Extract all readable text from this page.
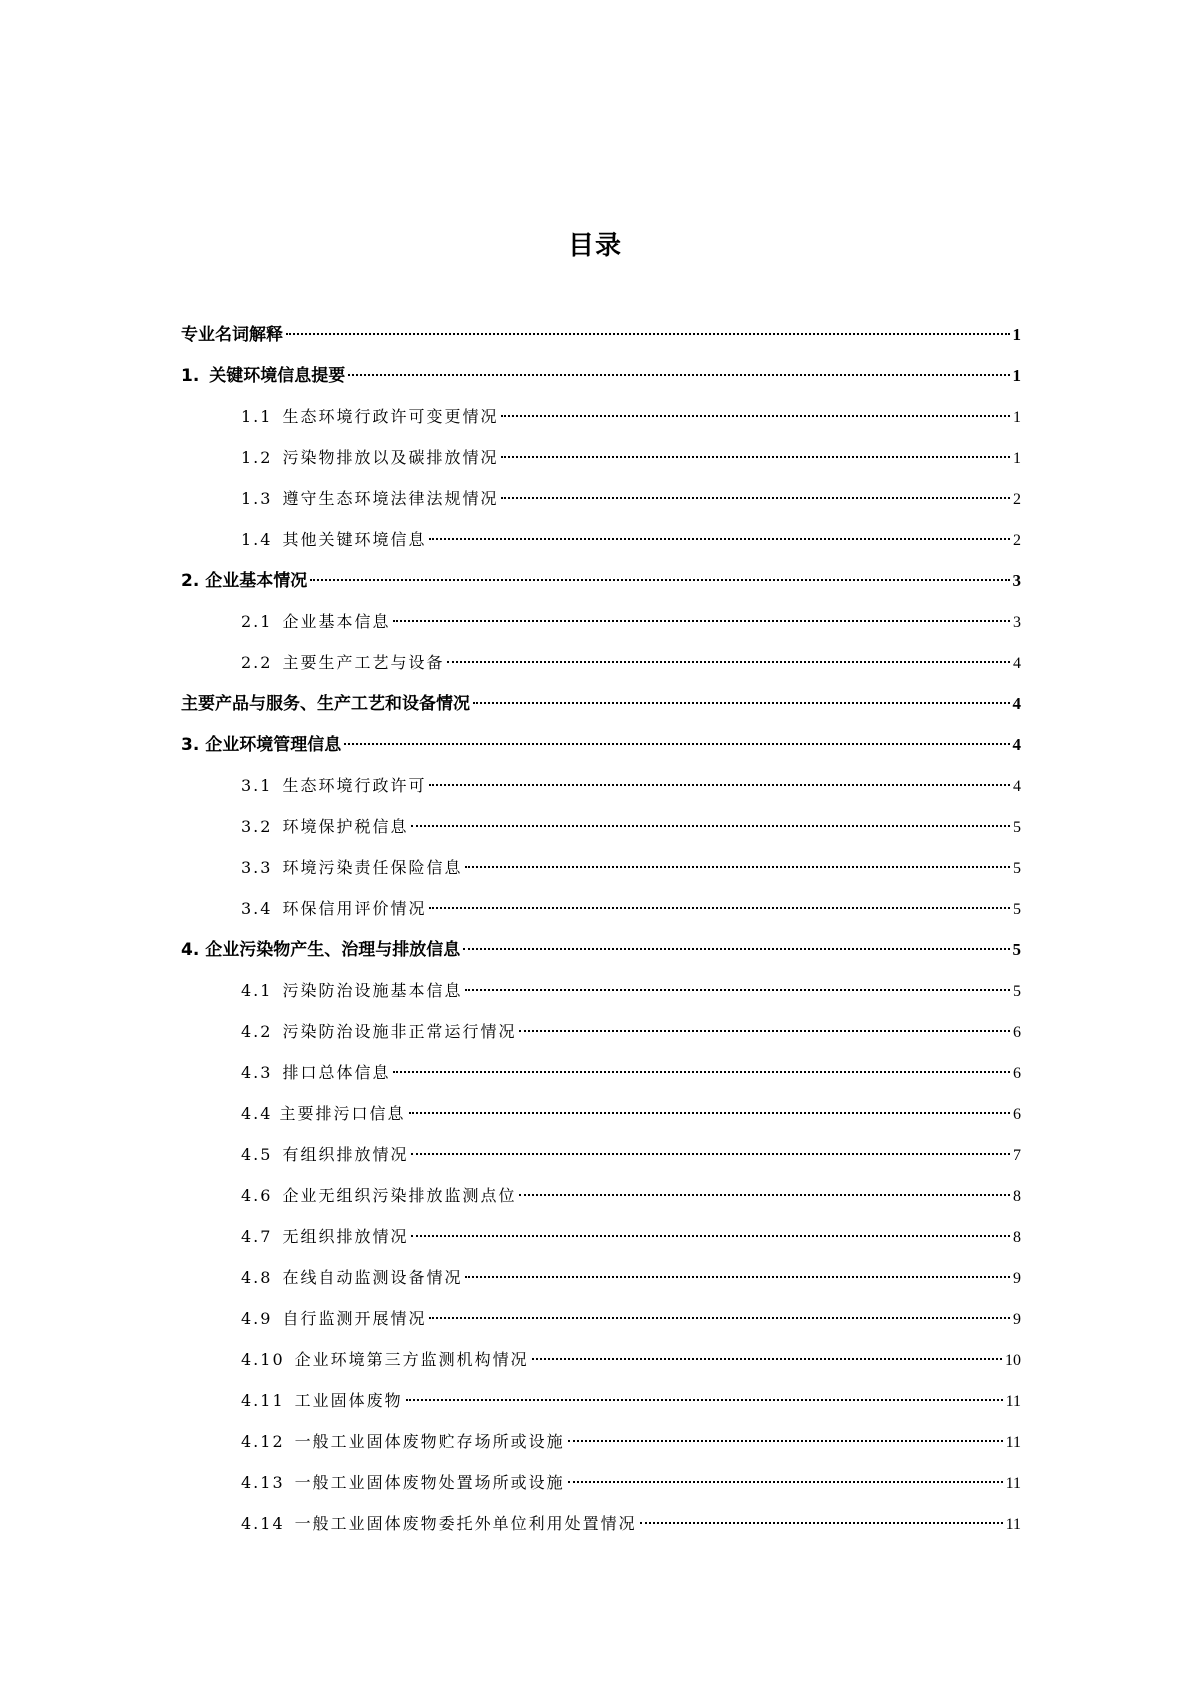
目录
专业名词解释	1
1. 关键环境信息提要	1
1.1 生态环境行政许可变更情况	1
1.2 污染物排放以及碳排放情况	1
1.3 遵守生态环境法律法规情况	2
1.4 其他关键环境信息	2
2. 企业基本情况	3
2.1 企业基本信息	3
2.2 主要生产工艺与设备	4
主要产品与服务、生产工艺和设备情况	4
3. 企业环境管理信息	4
3.1 生态环境行政许可	4
3.2 环境保护税信息	5
3.3 环境污染责任保险信息	5
3.4 环保信用评价情况	5
4. 企业污染物产生、治理与排放信息	5
4.1 污染防治设施基本信息	5
4.2 污染防治设施非正常运行情况	6
4.3 排口总体信息	6
4.4 主要排污口信息	6
4.5 有组织排放情况	7
4.6 企业无组织污染排放监测点位	8
4.7 无组织排放情况	8
4.8 在线自动监测设备情况	9
4.9 自行监测开展情况	9
4.10 企业环境第三方监测机构情况	10
4.11 工业固体废物	11
4.12 一般工业固体废物贮存场所或设施	11
4.13 一般工业固体废物处置场所或设施	11
4.14 一般工业固体废物委托外单位利用处置情况	11
